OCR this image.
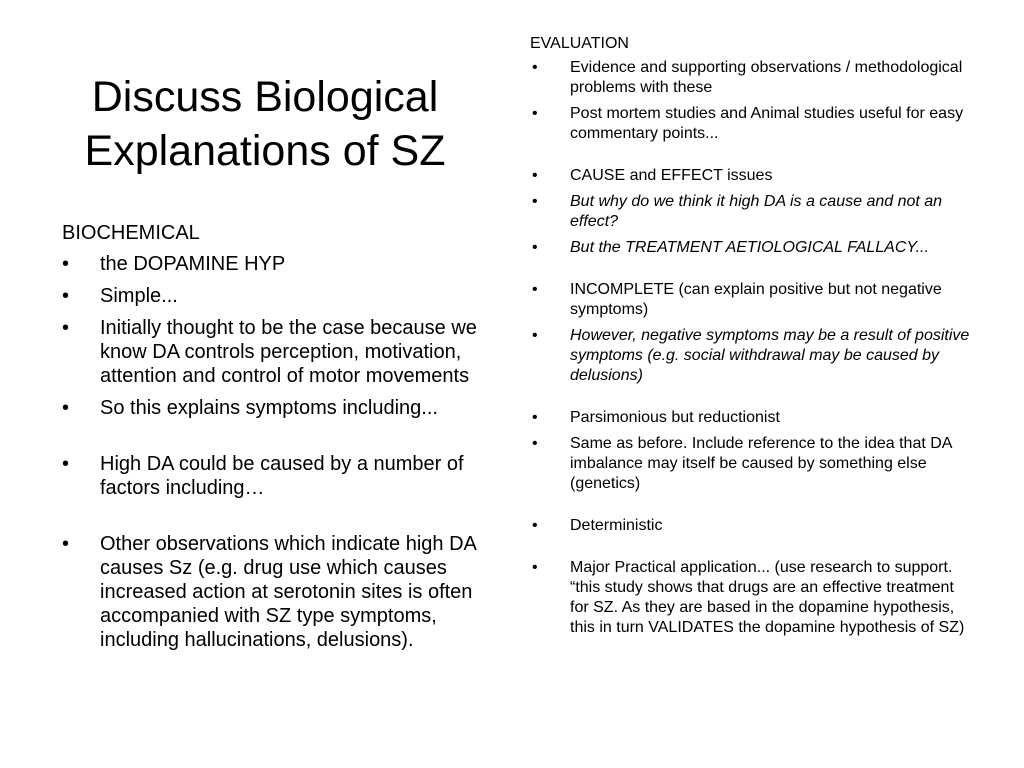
Discuss Biological
Explanations of SZ
BIOCHEMICAL
• the DOPAMINE HYP
• Simple...
• Initially thought to be the case because we know DA controls perception, motivation, attention and control of motor movements
• So this explains symptoms including...
• High DA could be caused by a number of factors including…
• Other observations which indicate high DA causes Sz (e.g. drug use which causes increased action at serotonin sites is often accompanied with SZ type symptoms, including hallucinations, delusions).
EVALUATION
• Evidence and supporting observations / methodological problems with these
• Post mortem studies and Animal studies useful for easy commentary points...
• CAUSE and EFFECT issues
• But why do we think it high DA is a cause and not an effect?
• But the TREATMENT AETIOLOGICAL FALLACY...
• INCOMPLETE (can explain positive but not negative symptoms)
• However, negative symptoms may be a result of positive symptoms (e.g. social withdrawal may be caused by delusions)
• Parsimonious but reductionist
• Same as before. Include reference to the idea that DA imbalance may itself be caused by something else (genetics)
• Deterministic
• Major Practical application... (use research to support. “this study shows that drugs are an effective treatment for SZ. As they are based in the dopamine hypothesis, this in turn VALIDATES the dopamine hypothesis of SZ)
